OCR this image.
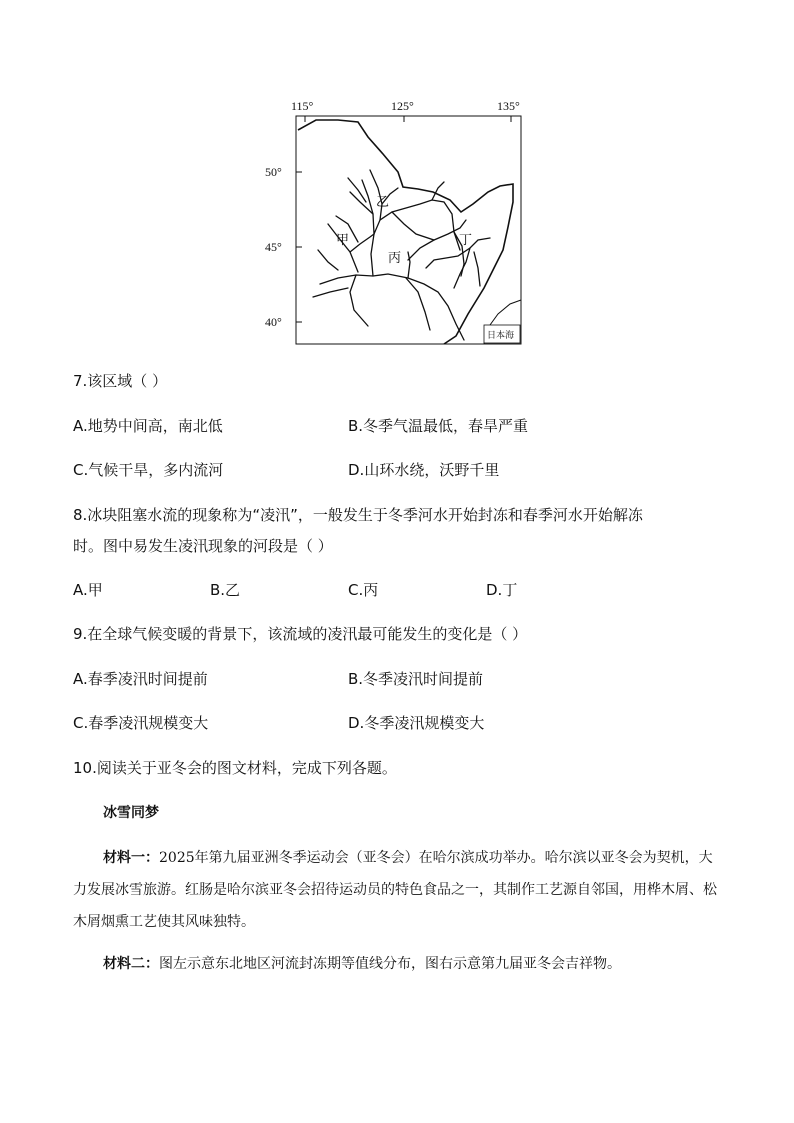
115°	125°	135°
50°
45°
40°
甲
乙
丙
丁
日本海
7.该区域（ ）
A.地势中间高，南北低	B.冬季气温最低，春旱严重
C.气候干旱，多内流河	D.山环水绕，沃野千里
8.冰块阻塞水流的现象称为“凌汛”，一般发生于冬季河水开始封冻和春季河水开始解冻
时。图中易发生凌汛现象的河段是（ ）
A.甲	B.乙	C.丙	D.丁
9.在全球气候变暖的背景下，该流域的凌汛最可能发生的变化是（ ）
A.春季凌汛时间提前	B.冬季凌汛时间提前
C.春季凌汛规模变大	D.冬季凌汛规模变大
10.阅读关于亚冬会的图文材料，完成下列各题。
冰雪同梦

材料一：2025年第九届亚洲冬季运动会（亚冬会）在哈尔滨成功举办。哈尔滨以亚冬会为契机，大力发展冰雪旅游。红肠是哈尔滨亚冬会招待运动员的特色食品之一，其制作工艺源自邻国，用桦木屑、松木屑烟熏工艺使其风味独特。

材料二：图左示意东北地区河流封冻期等值线分布，图右示意第九届亚冬会吉祥物。
